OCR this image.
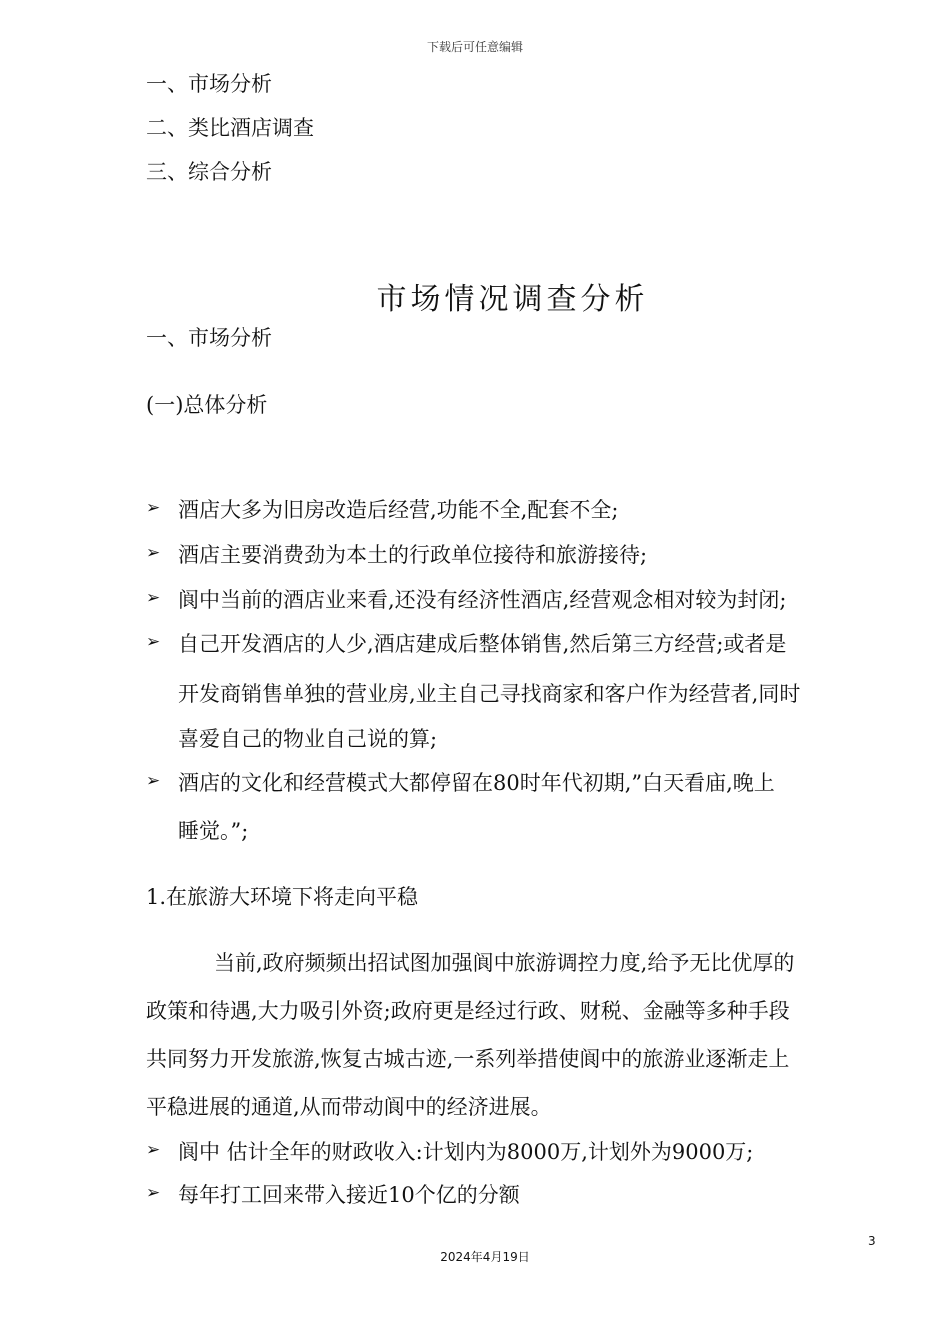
下载后可任意编辑
一、市场分析
二、类比酒店调查
三、综合分析
市场情况调查分析
一、市场分析
(一)总体分析
➢ 酒店大多为旧房改造后经营,功能不全,配套不全;
➢ 酒店主要消费劲为本土的行政单位接待和旅游接待;
➢ 阆中当前的酒店业来看,还没有经济性酒店,经营观念相对较为封闭;
➢ 自己开发酒店的人少,酒店建成后整体销售,然后第三方经营;或者是
开发商销售单独的营业房,业主自己寻找商家和客户作为经营者,同时
喜爱自己的物业自己说的算;
➢ 酒店的文化和经营模式大都停留在80时年代初期,”白天看庙,晚上
睡觉。”;
1.在旅游大环境下将走向平稳
当前,政府频频出招试图加强阆中旅游调控力度,给予无比优厚的
政策和待遇,大力吸引外资;政府更是经过行政、财税、金融等多种手段
共同努力开发旅游,恢复古城古迹,一系列举措使阆中的旅游业逐渐走上
平稳进展的通道,从而带动阆中的经济进展。
➢ 阆中 估计全年的财政收入:计划内为8000万,计划外为9000万;
➢ 每年打工回来带入接近10个亿的分额
3
2024年4月19日
